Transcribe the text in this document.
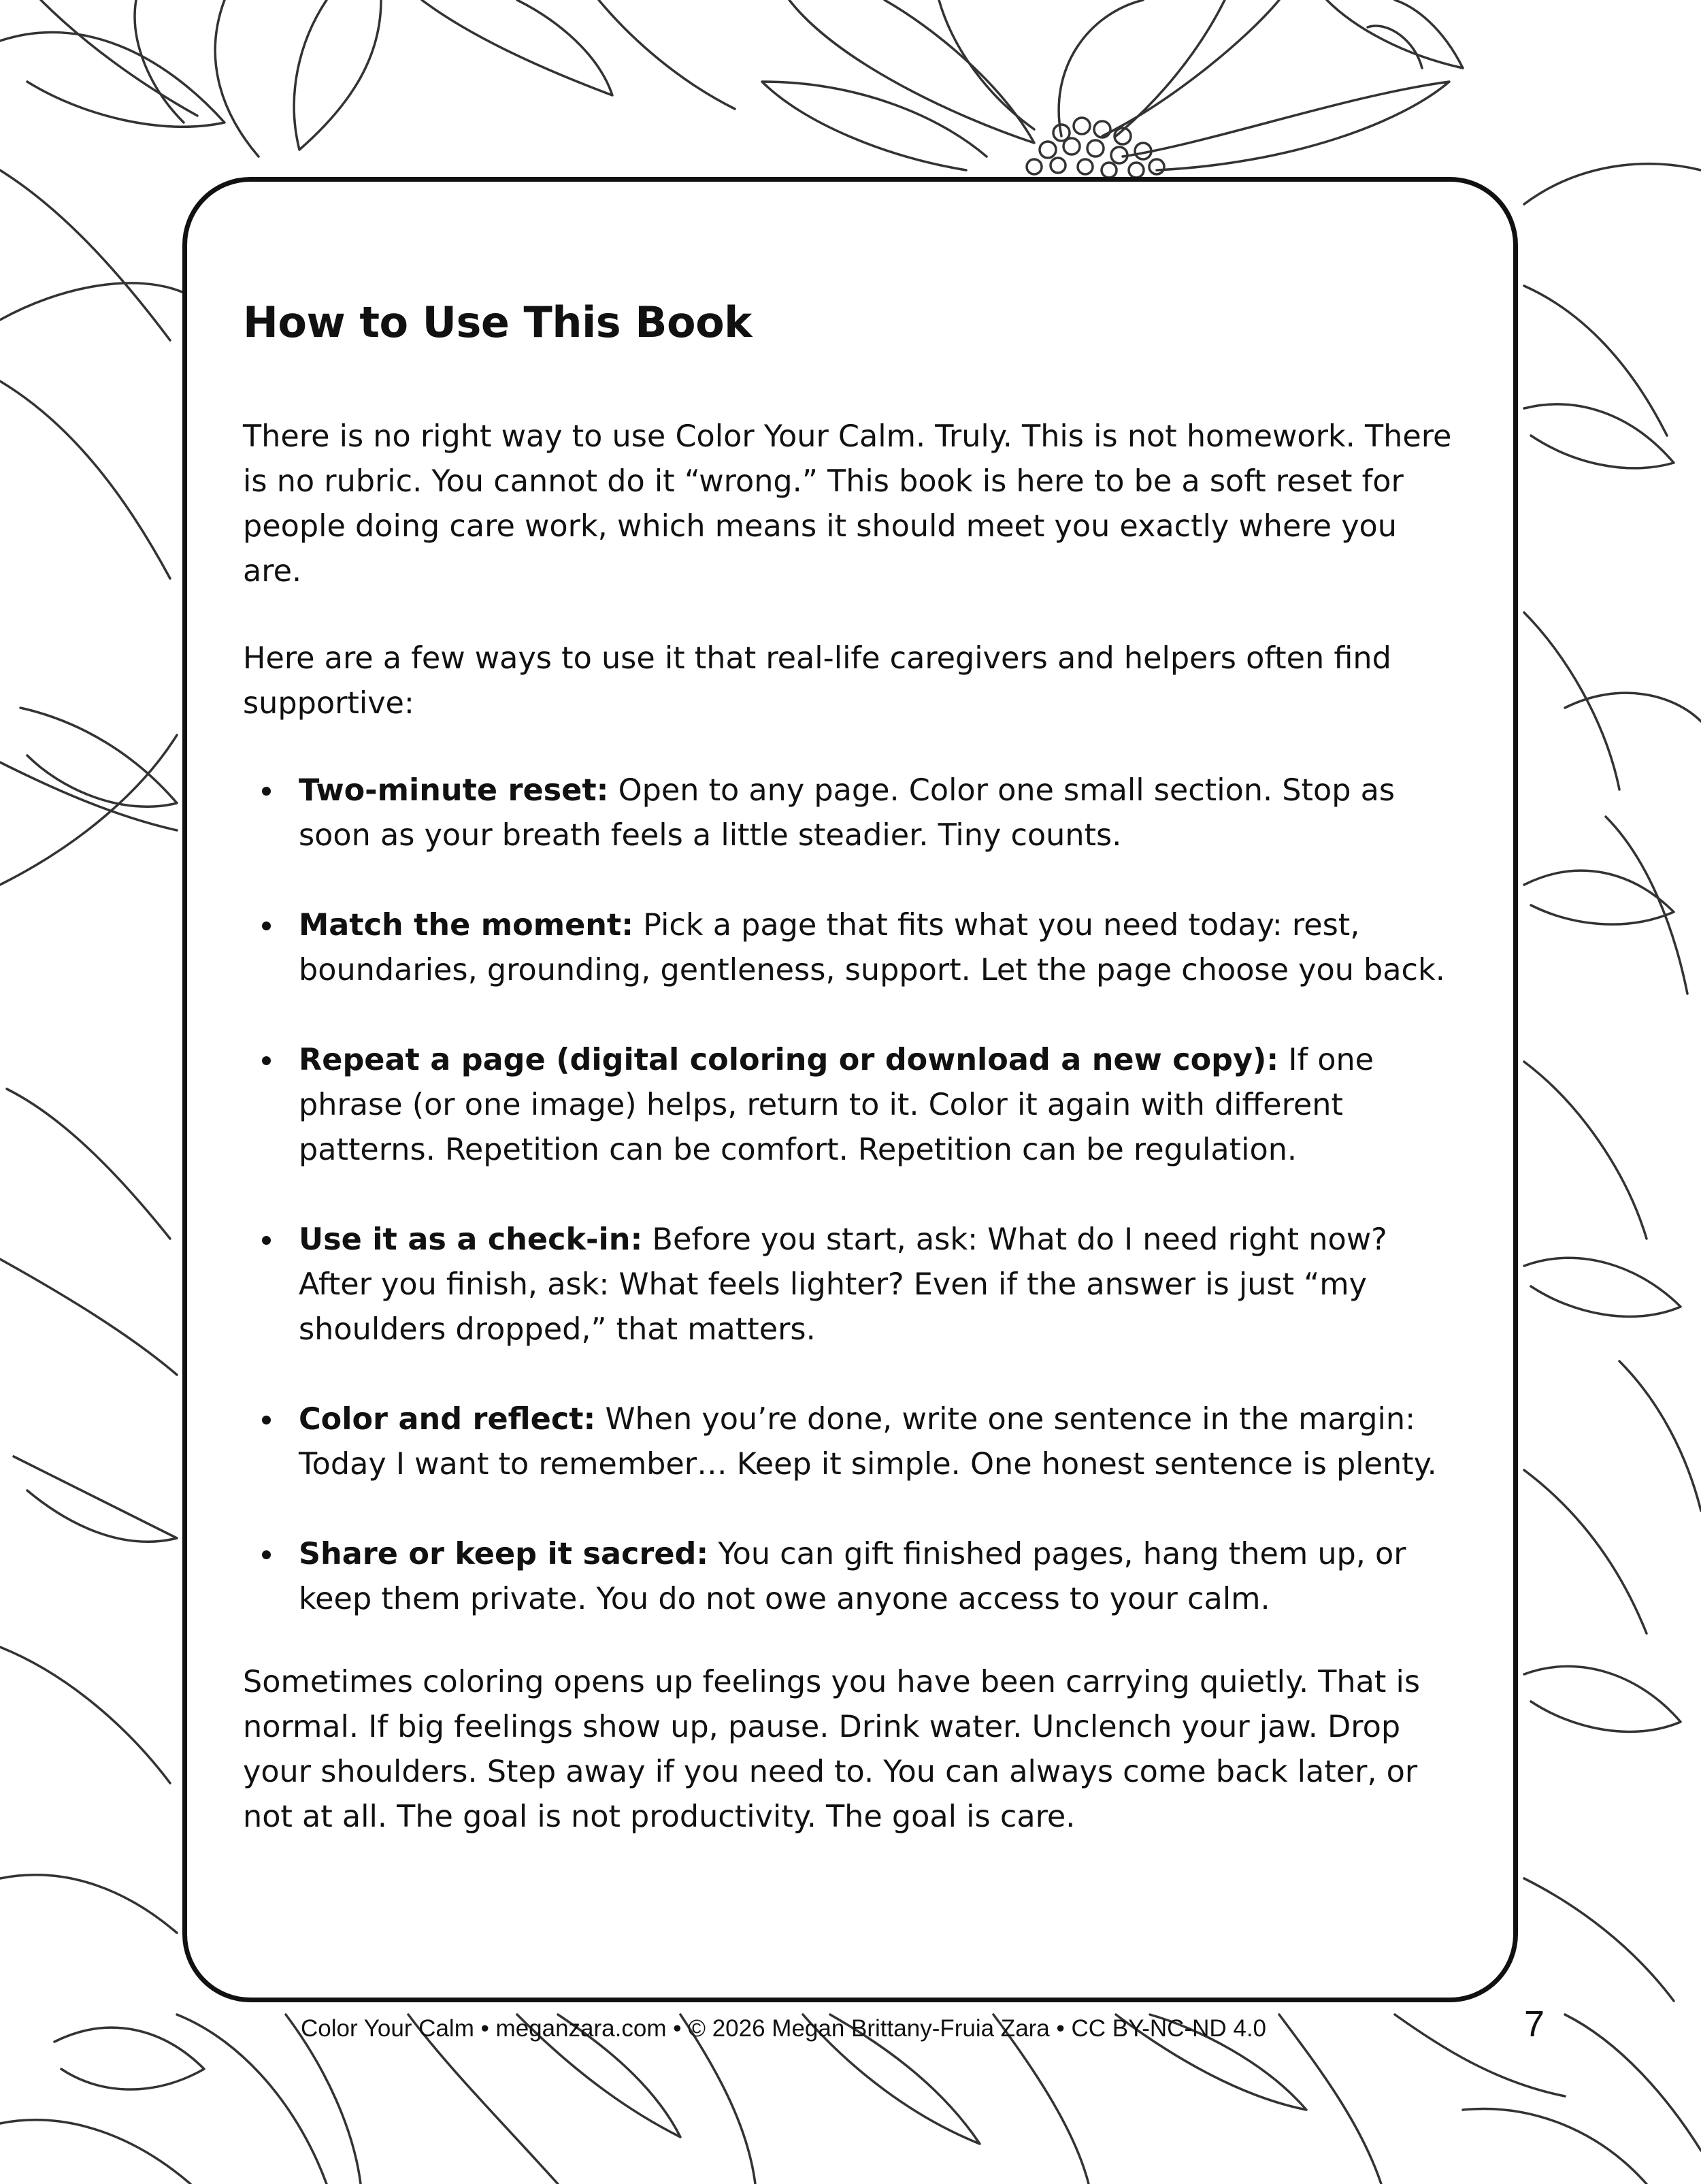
How to Use This Book

There is no right way to use Color Your Calm. Truly. This is not homework. There is no rubric. You cannot do it “wrong.” This book is here to be a soft reset for people doing care work, which means it should meet you exactly where you are.

Here are a few ways to use it that real-life caregivers and helpers often find supportive:

Two-minute reset: Open to any page. Color one small section. Stop as soon as your breath feels a little steadier. Tiny counts.
Match the moment: Pick a page that fits what you need today: rest, boundaries, grounding, gentleness, support. Let the page choose you back.
Repeat a page (digital coloring or download a new copy): If one phrase (or one image) helps, return to it. Color it again with different patterns. Repetition can be comfort. Repetition can be regulation.
Use it as a check-in: Before you start, ask: What do I need right now? After you finish, ask: What feels lighter? Even if the answer is just “my shoulders dropped,” that matters.
Color and reflect: When you’re done, write one sentence in the margin: Today I want to remember… Keep it simple. One honest sentence is plenty.
Share or keep it sacred: You can gift finished pages, hang them up, or keep them private. You do not owe anyone access to your calm.

Sometimes coloring opens up feelings you have been carrying quietly. That is normal. If big feelings show up, pause. Drink water. Unclench your jaw. Drop your shoulders. Step away if you need to. You can always come back later, or not at all. The goal is not productivity. The goal is care.

Color Your Calm • meganzara.com • © 2026 Megan Brittany-Fruia Zara • CC BY-NC-ND 4.0	7
